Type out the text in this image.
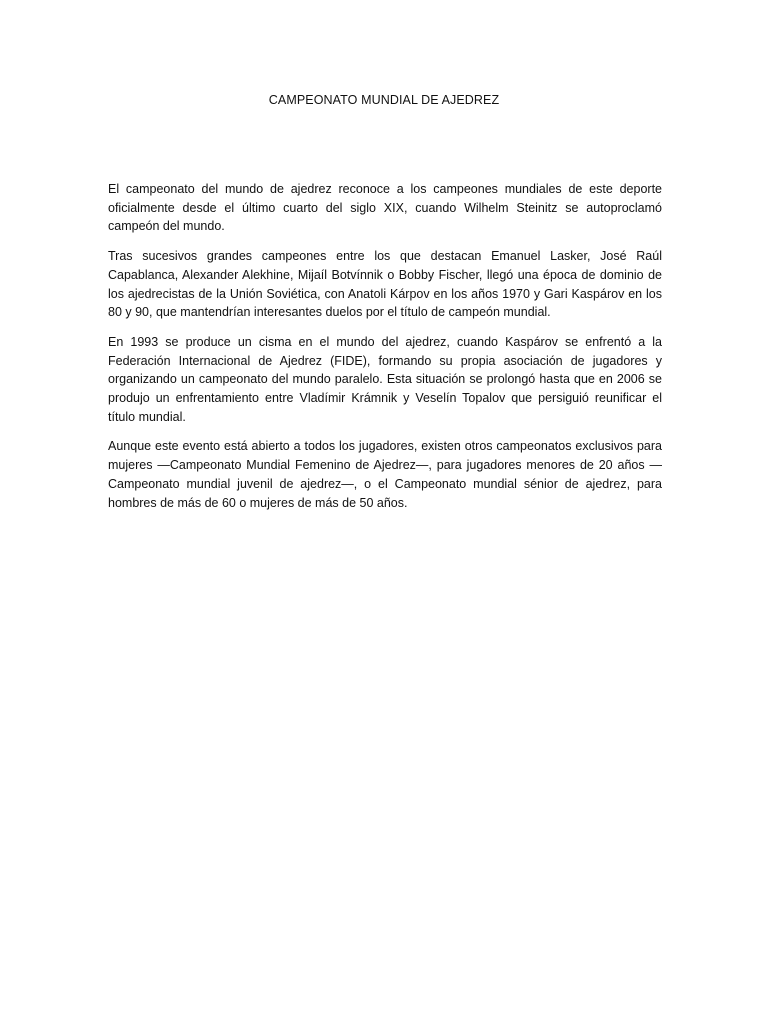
CAMPEONATO MUNDIAL DE AJEDREZ

El campeonato del mundo de ajedrez reconoce a los campeones mundiales de este deporte oficialmente desde el último cuarto del siglo XIX, cuando Wilhelm Steinitz se autoproclamó campeón del mundo.

Tras sucesivos grandes campeones entre los que destacan Emanuel Lasker, José Raúl Capablanca, Alexander Alekhine, Mijaíl Botvínnik o Bobby Fischer, llegó una época de dominio de los ajedrecistas de la Unión Soviética, con Anatoli Kárpov en los años 1970 y Gari Kaspárov en los 80 y 90, que mantendrían interesantes duelos por el título de campeón mundial.

En 1993 se produce un cisma en el mundo del ajedrez, cuando Kaspárov se enfrentó a la Federación Internacional de Ajedrez (FIDE), formando su propia asociación de jugadores y organizando un campeonato del mundo paralelo. Esta situación se prolongó hasta que en 2006 se produjo un enfrentamiento entre Vladímir Krámnik y Veselín Topalov que persiguió reunificar el título mundial.

Aunque este evento está abierto a todos los jugadores, existen otros campeonatos exclusivos para mujeres —Campeonato Mundial Femenino de Ajedrez—, para jugadores menores de 20 años — Campeonato mundial juvenil de ajedrez—, o el Campeonato mundial sénior de ajedrez, para hombres de más de 60 o mujeres de más de 50 años.
